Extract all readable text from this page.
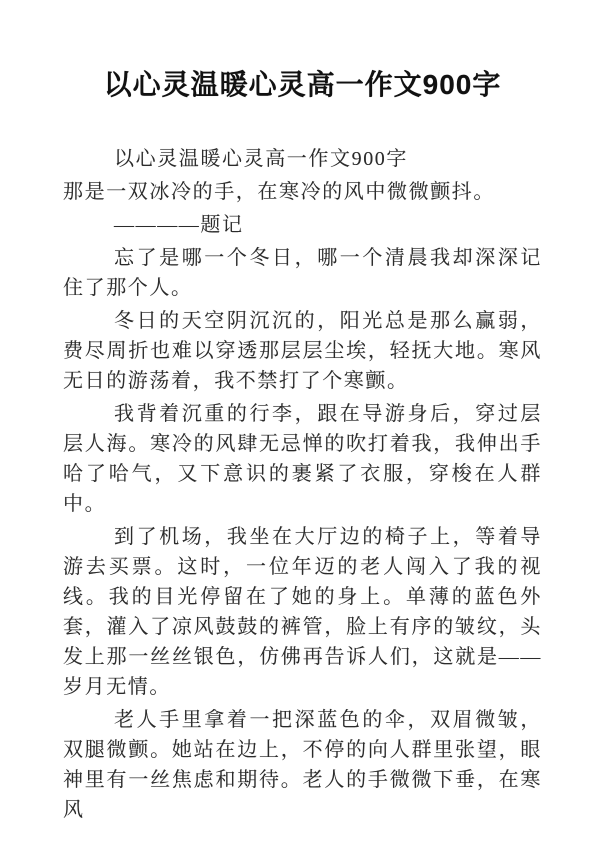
以心灵温暖心灵高一作文900字

以心灵温暖心灵高一作文900字

那是一双冰冷的手，在寒冷的风中微微颤抖。

————题记

忘了是哪一个冬日，哪一个清晨我却深深记住了那个人。

冬日的天空阴沉沉的，阳光总是那么赢弱，费尽周折也难以穿透那层层尘埃，轻抚大地。寒风无日的游荡着，我不禁打了个寒颤。

我背着沉重的行李，跟在导游身后，穿过层层人海。寒冷的风肆无忌惮的吹打着我，我伸出手哈了哈气，又下意识的裹紧了衣服，穿梭在人群中。

到了机场，我坐在大厅边的椅子上，等着导游去买票。这时，一位年迈的老人闯入了我的视线。我的目光停留在了她的身上。单薄的蓝色外套，灌入了凉风鼓鼓的裤管，脸上有序的皱纹，头发上那一丝丝银色，仿佛再告诉人们，这就是——岁月无情。

老人手里拿着一把深蓝色的伞，双眉微皱，双腿微颤。她站在边上，不停的向人群里张望，眼神里有一丝焦虑和期待。老人的手微微下垂，在寒风
